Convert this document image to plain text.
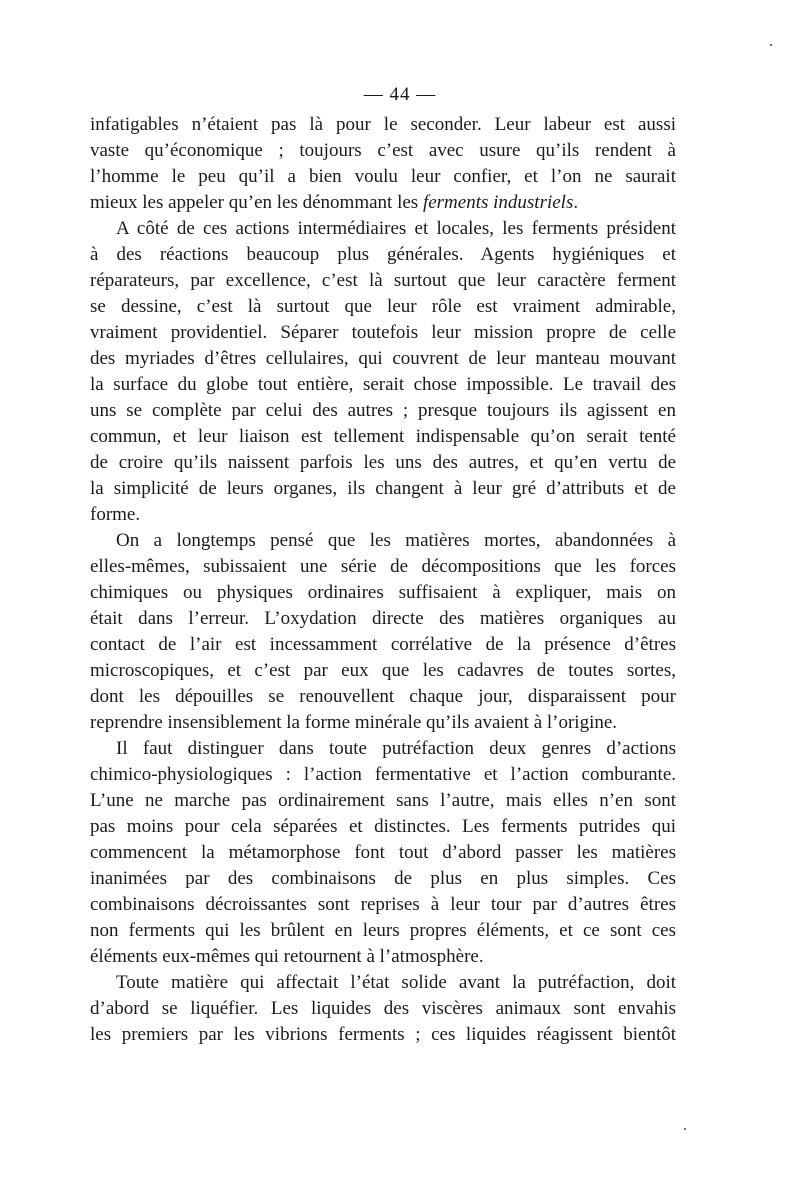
— 44 —
infatigables n’étaient pas là pour le seconder. Leur labeur est aussi
vaste qu’économique ; toujours c’est avec usure qu’ils rendent à
l’homme le peu qu’il a bien voulu leur confier, et l’on ne saurait
mieux les appeler qu’en les dénommant les ferments industriels.
A côté de ces actions intermédiaires et locales, les ferments président
à des réactions beaucoup plus générales. Agents hygiéniques et
réparateurs, par excellence, c’est là surtout que leur caractère ferment
se dessine, c’est là surtout que leur rôle est vraiment admirable,
vraiment providentiel. Séparer toutefois leur mission propre de celle
des myriades d’êtres cellulaires, qui couvrent de leur manteau mouvant
la surface du globe tout entière, serait chose impossible. Le travail des
uns se complète par celui des autres ; presque toujours ils agissent en
commun, et leur liaison est tellement indispensable qu’on serait tenté
de croire qu’ils naissent parfois les uns des autres, et qu’en vertu de
la simplicité de leurs organes, ils changent à leur gré d’attributs et de
forme.
On a longtemps pensé que les matières mortes, abandonnées à
elles-mêmes, subissaient une série de décompositions que les forces
chimiques ou physiques ordinaires suffisaient à expliquer, mais on
était dans l’erreur. L’oxydation directe des matières organiques au
contact de l’air est incessamment corrélative de la présence d’êtres
microscopiques, et c’est par eux que les cadavres de toutes sortes,
dont les dépouilles se renouvellent chaque jour, disparaissent pour
reprendre insensiblement la forme minérale qu’ils avaient à l’origine.
Il faut distinguer dans toute putréfaction deux genres d’actions
chimico-physiologiques : l’action fermentative et l’action comburante.
L’une ne marche pas ordinairement sans l’autre, mais elles n’en sont
pas moins pour cela séparées et distinctes. Les ferments putrides qui
commencent la métamorphose font tout d’abord passer les matières
inanimées par des combinaisons de plus en plus simples. Ces
combinaisons décroissantes sont reprises à leur tour par d’autres êtres
non ferments qui les brûlent en leurs propres éléments, et ce sont ces
éléments eux-mêmes qui retournent à l’atmosphère.
Toute matière qui affectait l’état solide avant la putréfaction, doit
d’abord se liquéfier. Les liquides des viscères animaux sont envahis
les premiers par les vibrions ferments ; ces liquides réagissent bientôt
